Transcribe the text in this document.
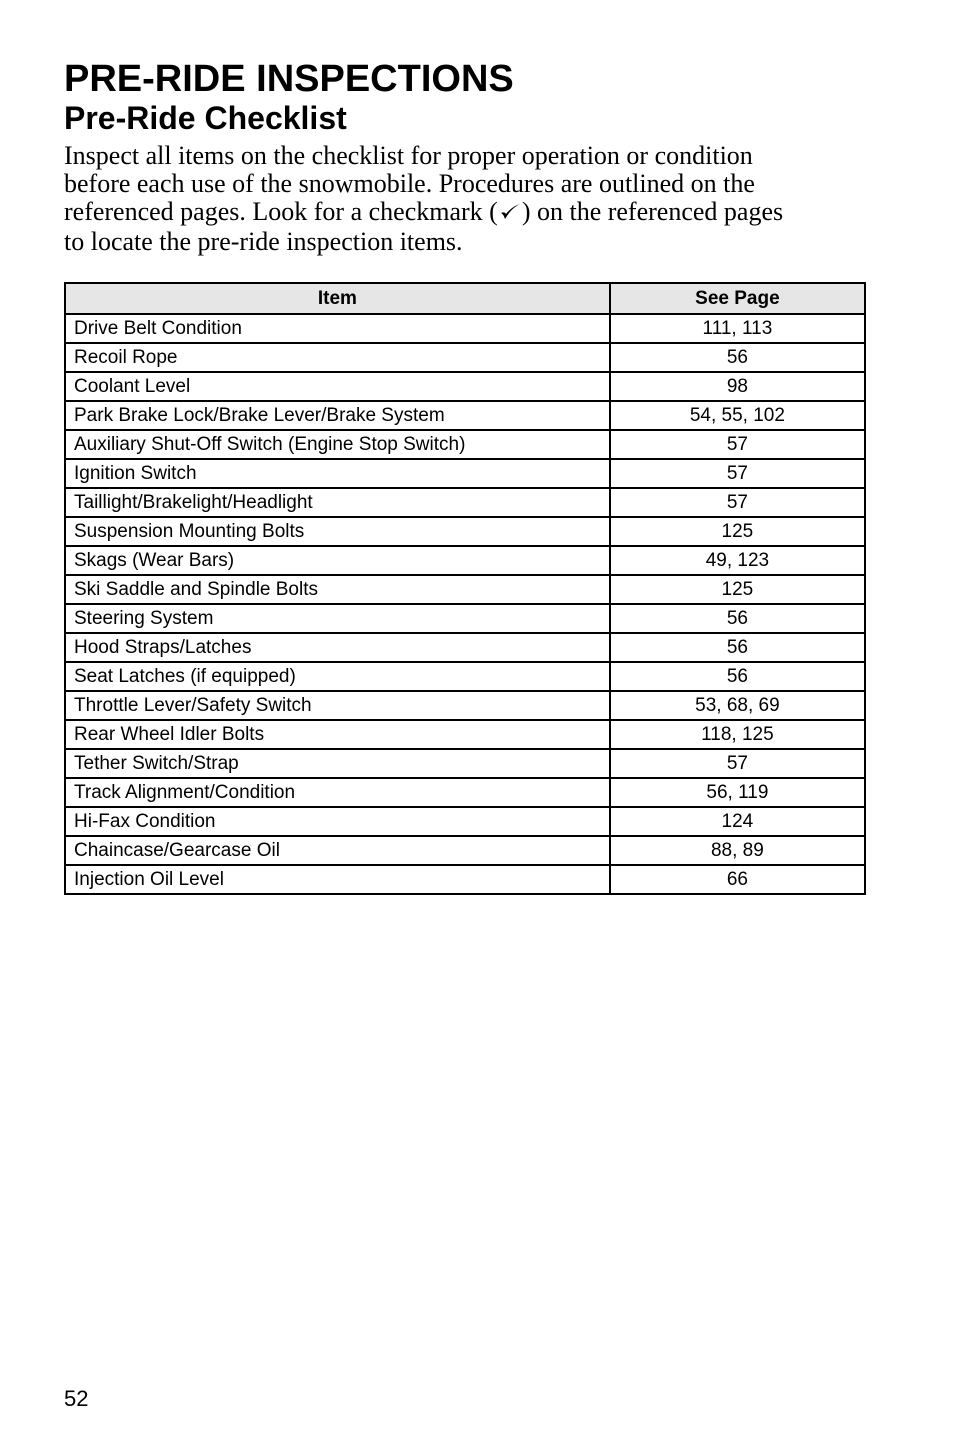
PRE-RIDE INSPECTIONS
Pre-Ride Checklist
Inspect all items on the checklist for proper operation or condition
before each use of the snowmobile. Procedures are outlined on the
referenced pages. Look for a checkmark ( ) on the referenced pages
to locate the pre-ride inspection items.
Item	See Page
Drive Belt Condition	111, 113
Recoil Rope	56
Coolant Level	98
Park Brake Lock/Brake Lever/Brake System	54, 55, 102
Auxiliary Shut-Off Switch (Engine Stop Switch)	57
Ignition Switch	57
Taillight/Brakelight/Headlight	57
Suspension Mounting Bolts	125
Skags (Wear Bars)	49, 123
Ski Saddle and Spindle Bolts	125
Steering System	56
Hood Straps/Latches	56
Seat Latches (if equipped)	56
Throttle Lever/Safety Switch	53, 68, 69
Rear Wheel Idler Bolts	118, 125
Tether Switch/Strap	57
Track Alignment/Condition	56, 119
Hi-Fax Condition	124
Chaincase/Gearcase Oil	88, 89
Injection Oil Level	66
52
